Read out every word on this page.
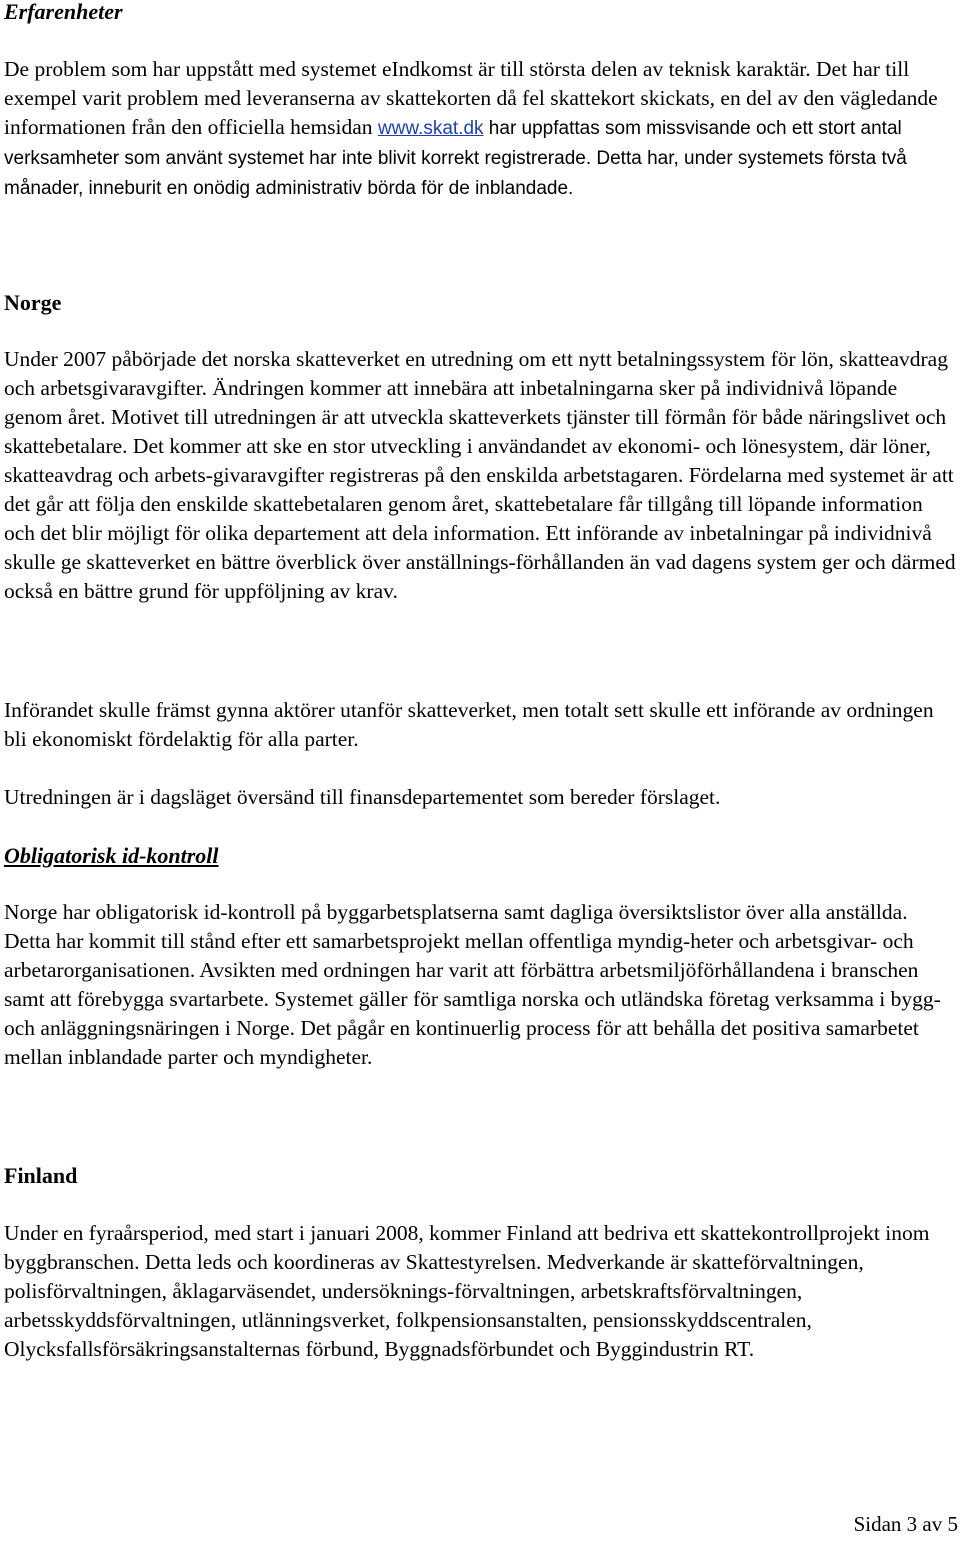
Erfarenheter

De problem som har uppstått med systemet eIndkomst är till största delen av teknisk karaktär. Det har till exempel varit problem med leveranserna av skattekorten då fel skattekort skickats, en del av den vägledande informationen från den officiella hemsidan www.skat.dk har uppfattas som missvisande och ett stort antal verksamheter som använt systemet har inte blivit korrekt registrerade. Detta har, under systemets första två månader, inneburit en onödig administrativ börda för de inblandade.

Norge

Under 2007 påbörjade det norska skatteverket en utredning om ett nytt betalningssystem för lön, skatteavdrag och arbetsgivaravgifter. Ändringen kommer att innebära att inbetalningarna sker på individnivå löpande genom året. Motivet till utredningen är att utveckla skatteverkets tjänster till förmån för både näringslivet och skattebetalare. Det kommer att ske en stor utveckling i användandet av ekonomi- och lönesystem, där löner, skatteavdrag och arbets-givaravgifter registreras på den enskilda arbetstagaren. Fördelarna med systemet är att det går att följa den enskilde skattebetalaren genom året, skattebetalare får tillgång till löpande information och det blir möjligt för olika departement att dela information. Ett införande av inbetalningar på individnivå skulle ge skatteverket en bättre överblick över anställnings-förhållanden än vad dagens system ger och därmed också en bättre grund för uppföljning av krav.

Införandet skulle främst gynna aktörer utanför skatteverket, men totalt sett skulle ett införande av ordningen bli ekonomiskt fördelaktig för alla parter.

Utredningen är i dagsläget översänd till finansdepartementet som bereder förslaget.

Obligatorisk id-kontroll

Norge har obligatorisk id-kontroll på byggarbetsplatserna samt dagliga översiktslistor över alla anställda. Detta har kommit till stånd efter ett samarbetsprojekt mellan offentliga myndig-heter och arbetsgivar- och arbetarorganisationen. Avsikten med ordningen har varit att förbättra arbetsmiljöförhållandena i branschen samt att förebygga svartarbete. Systemet gäller för samtliga norska och utländska företag verksamma i bygg- och anläggningsnäringen i Norge. Det pågår en kontinuerlig process för att behålla det positiva samarbetet mellan inblandade parter och myndigheter.

Finland

Under en fyraårsperiod, med start i januari 2008, kommer Finland att bedriva ett skattekontrollprojekt inom byggbranschen. Detta leds och koordineras av Skattestyrelsen. Medverkande är skatteförvaltningen, polisförvaltningen, åklagarväsendet, undersöknings-förvaltningen, arbetskraftsförvaltningen, arbetsskyddsförvaltningen, utlänningsverket, folkpensionsanstalten, pensionsskyddscentralen, Olycksfallsförsäkringsanstalternas förbund, Byggnadsförbundet och Byggindustrin RT.

Sidan 3 av 5
